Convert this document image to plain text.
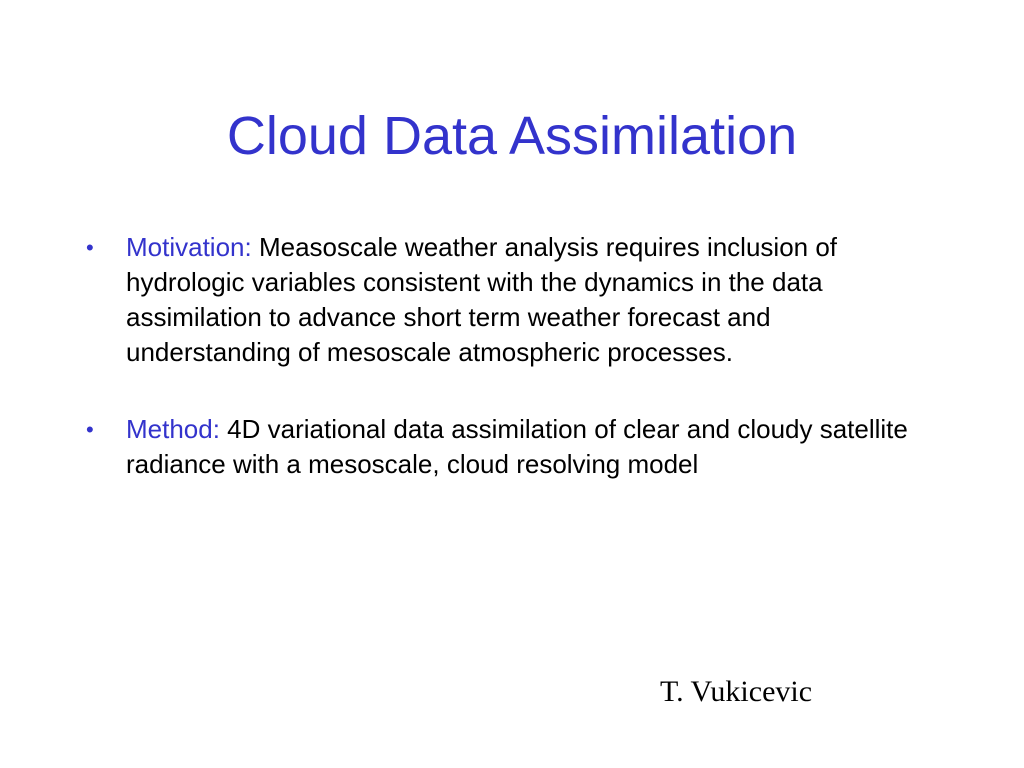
Cloud Data Assimilation
• Motivation: Measoscale weather analysis requires inclusion of hydrologic variables consistent with the dynamics in the data assimilation to advance short term weather forecast and understanding of mesoscale atmospheric processes.
• Method: 4D variational data assimilation of clear and cloudy satellite radiance with a mesoscale, cloud resolving model
T. Vukicevic
